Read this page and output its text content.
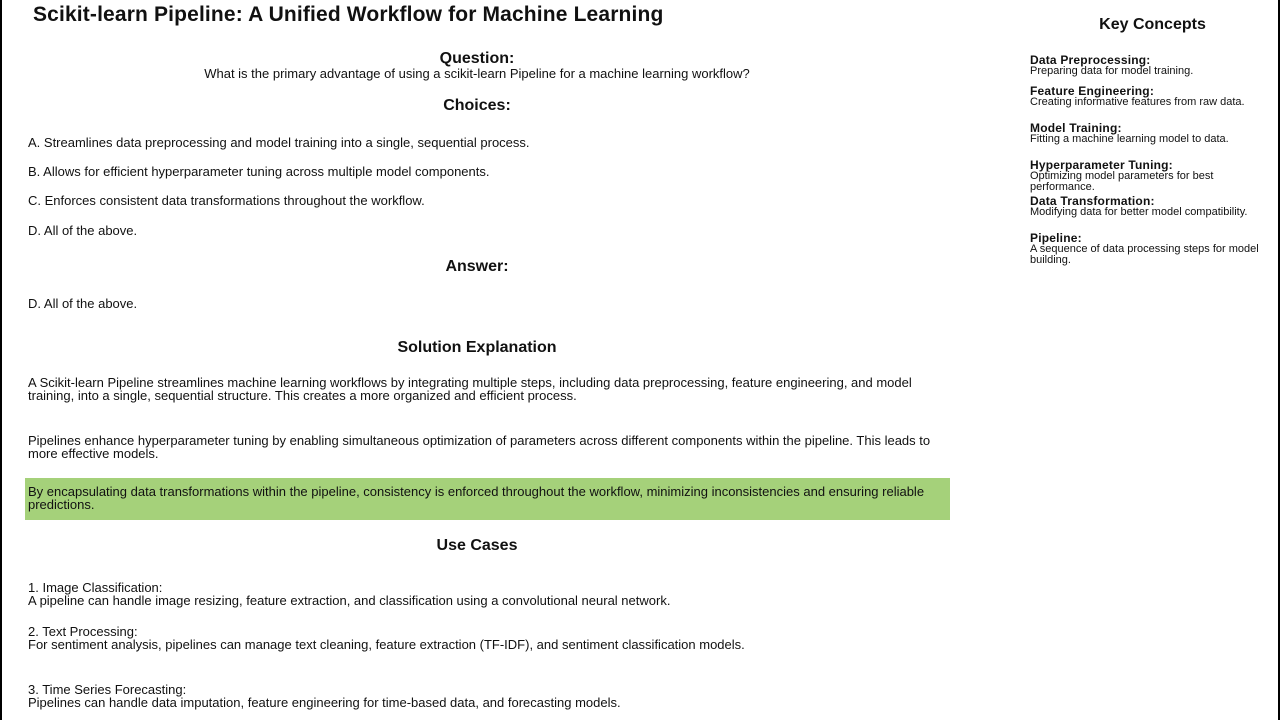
Scikit-learn Pipeline: A Unified Workflow for Machine Learning
Question:

What is the primary advantage of using a scikit-learn Pipeline for a machine learning workflow?

Choices:

A. Streamlines data preprocessing and model training into a single, sequential process.

B. Allows for efficient hyperparameter tuning across multiple model components.

C. Enforces consistent data transformations throughout the workflow.

D. All of the above.

Answer:

D. All of the above.

Solution Explanation

A Scikit-learn Pipeline streamlines machine learning workflows by integrating multiple steps, including data preprocessing, feature engineering, and model training, into a single, sequential structure. This creates a more organized and efficient process.

Pipelines enhance hyperparameter tuning by enabling simultaneous optimization of parameters across different components within the pipeline. This leads to more effective models.

By encapsulating data transformations within the pipeline, consistency is enforced throughout the workflow, minimizing inconsistencies and ensuring reliable predictions.
Use Cases
1. Image Classification:
A pipeline can handle image resizing, feature extraction, and classification using a convolutional neural network.
2. Text Processing:
For sentiment analysis, pipelines can manage text cleaning, feature extraction (TF-IDF), and sentiment classification models.
3. Time Series Forecasting:
Pipelines can handle data imputation, feature engineering for time-based data, and forecasting models.
Key Concepts
Data Preprocessing:
Preparing data for model training.
Feature Engineering:
Creating informative features from raw data.
Model Training:
Fitting a machine learning model to data.
Hyperparameter Tuning:
Optimizing model parameters for best performance.
Data Transformation:
Modifying data for better model compatibility.
Pipeline:
A sequence of data processing steps for model building.
